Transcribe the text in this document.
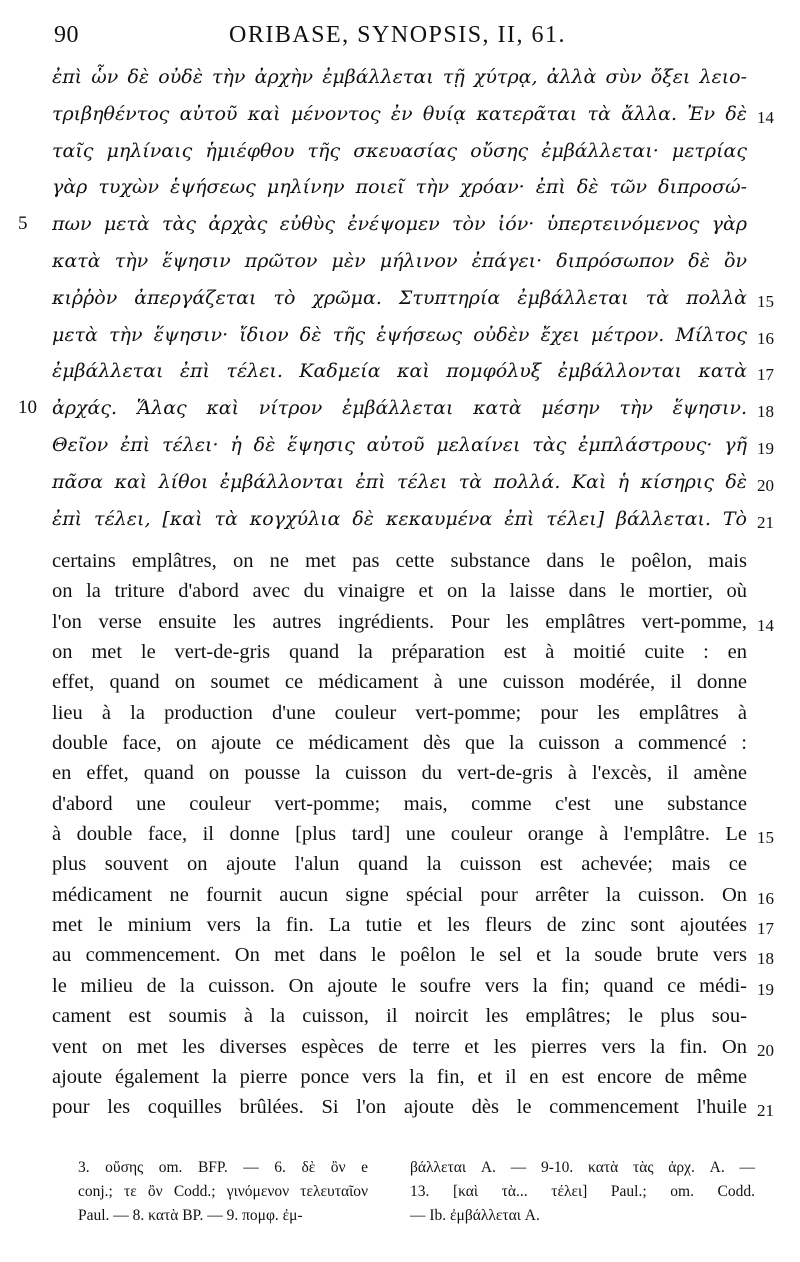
90	ORIBASE, SYNOPSIS, II, 61.
ἐπὶ ὧν δὲ οὐδὲ τὴν ἀρχὴν ἐμβάλλεται τῇ χύτρᾳ, ἀλλὰ σὺν ὄξει λειο-
τριβηθέντος αὐτοῦ καὶ μένοντος ἐν θυίᾳ κατερᾶται τὰ ἄλλα. Ἐν δὲ 14
ταῖς μηλίναις ἡμιέφθου τῆς σκευασίας οὔσης ἐμβάλλεται· μετρίας
γὰρ τυχὼν ἑψήσεως μηλίνην ποιεῖ τὴν χρόαν· ἐπὶ δὲ τῶν διπροσώ-
5 πων μετὰ τὰς ἀρχὰς εὐθὺς ἐνέψομεν τὸν ἰόν· ὑπερτεινόμενος γὰρ
κατὰ τὴν ἕψησιν πρῶτον μὲν μήλινον ἐπάγει· διπρόσωπον δὲ ὂν
κιῤῥὸν ἀπεργάζεται τὸ χρῶμα. Στυπτηρία ἐμβάλλεται τὰ πολλὰ 15
μετὰ τὴν ἕψησιν· ἴδιον δὲ τῆς ἑψήσεως οὐδὲν ἔχει μέτρον. Μίλτος 16
ἐμβάλλεται ἐπὶ τέλει. Καδμεία καὶ πομφόλυξ ἐμβάλλονται κατὰ 17
10 ἀρχάς. Ἅλας καὶ νίτρον ἐμβάλλεται κατὰ μέσην τὴν ἕψησιν. 18
Θεῖον ἐπὶ τέλει· ἡ δὲ ἕψησις αὐτοῦ μελαίνει τὰς ἐμπλάστρους· γῆ 19
πᾶσα καὶ λίθοι ἐμβάλλονται ἐπὶ τέλει τὰ πολλά. Καὶ ἡ κίσηρις δὲ 20
ἐπὶ τέλει, [καὶ τὰ κογχύλια δὲ κεκαυμένα ἐπὶ τέλει] βάλλεται. Τὸ 21
certains emplâtres, on ne met pas cette substance dans le poêlon, mais
on la triture d'abord avec du vinaigre et on la laisse dans le mortier, où
l'on verse ensuite les autres ingrédients. Pour les emplâtres vert-pomme, 14
on met le vert-de-gris quand la préparation est à moitié cuite : en
effet, quand on soumet ce médicament à une cuisson modérée, il donne
lieu à la production d'une couleur vert-pomme; pour les emplâtres à
double face, on ajoute ce médicament dès que la cuisson a commencé :
en effet, quand on pousse la cuisson du vert-de-gris à l'excès, il amène
d'abord une couleur vert-pomme; mais, comme c'est une substance
à double face, il donne [plus tard] une couleur orange à l'emplâtre. Le 15
plus souvent on ajoute l'alun quand la cuisson est achevée; mais ce
médicament ne fournit aucun signe spécial pour arrêter la cuisson. On 16
met le minium vers la fin. La tutie et les fleurs de zinc sont ajoutées 17
au commencement. On met dans le poêlon le sel et la soude brute vers 18
le milieu de la cuisson. On ajoute le soufre vers la fin; quand ce médi- 19
cament est soumis à la cuisson, il noircit les emplâtres; le plus sou-
vent on met les diverses espèces de terre et les pierres vers la fin. On 20
ajoute également la pierre ponce vers la fin, et il en est encore de même
pour les coquilles brûlées. Si l'on ajoute dès le commencement l'huile 21
3. οὔσης om. BFP. — 6. δὲ ὂν e	βάλλεται A. — 9-10. κατὰ τὰς ἀρχ. A. —
conj.; τε ὂν Codd.; γινόμενον τελευταῖον	13. [καὶ τὰ... τέλει] Paul.; om. Codd.
Paul. — 8. κατὰ BP. — 9. πομφ. ἐμ-	— Ib. ἐμβάλλεται A.
